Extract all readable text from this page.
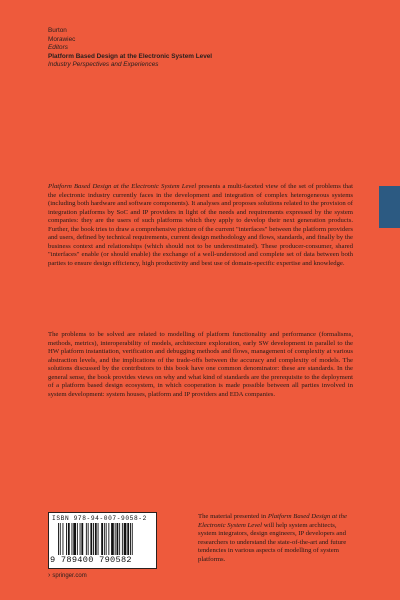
Burton
Morawiec
Editors
Platform Based Design at the Electronic System Level
Industry Perspectives and Experiences

Platform Based Design at the Electronic System Level presents a multi-faceted view of the set of problems that the electronic industry currently faces in the development and integration of complex heterogeneous systems (including both hardware and software components). It analyses and proposes solutions related to the provision of integration platforms by SoC and IP providers in light of the needs and requirements expressed by the system companies: they are the users of such platforms which they apply to develop their next generation products. Further, the book tries to draw a comprehensive picture of the current "interfaces" between the platform providers and users, defined by technical requirements, current design methodology and flows, standards, and finally by the business context and relationships (which should not to be underestimated). These producer-consumer, shared "interfaces" enable (or should enable) the exchange of a well-understood and complete set of data between both parties to ensure design efficiency, high productivity and best use of domain-specific expertise and knowledge.

The problems to be solved are related to modelling of platform functionality and performance (formalisms, methods, metrics), interoperability of models, architecture exploration, early SW development in parallel to the HW platform instantiation, verification and debugging methods and flows, management of complexity at various abstraction levels, and the implications of the trade-offs between the accuracy and complexity of models. The solutions discussed by the contributors to this book have one common denominator: these are standards. In the general sense, the book provides views on why and what kind of standards are the prerequisite to the deployment of a platform based design ecosystem, in which cooperation is made possible between all parties involved in system development: system houses, platform and IP providers and EDA companies.

ISBN 978-94-007-9058-2
9 789400 790582

The material presented in Platform Based Design at the Electronic System Level will help system architects, system integrators, design engineers, IP developers and researchers to understand the state-of-the-art and future tendencies in various aspects of modelling of system platforms.

› springer.com
